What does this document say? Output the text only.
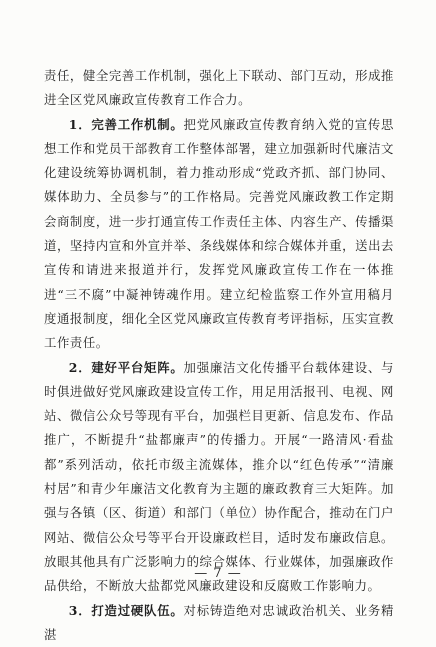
责任，健全完善工作机制，强化上下联动、部门互动，形成推进全区党风廉政宣传教育工作合力。

1．完善工作机制。把党风廉政宣传教育纳入党的宣传思想工作和党员干部教育工作整体部署，建立加强新时代廉洁文化建设统筹协调机制，着力推动形成“党政齐抓、部门协同、媒体助力、全员参与”的工作格局。完善党风廉政教工作定期会商制度，进一步打通宣传工作责任主体、内容生产、传播渠道，坚持内宣和外宣并举、条线媒体和综合媒体并重，送出去宣传和请进来报道并行，发挥党风廉政宣传工作在一体推进“三不腐”中凝神铸魂作用。建立纪检监察工作外宣用稿月度通报制度，细化全区党风廉政宣传教育考评指标，压实宣教工作责任。

2．建好平台矩阵。加强廉洁文化传播平台载体建设、与时俱进做好党风廉政建设宣传工作，用足用活报刊、电视、网站、微信公众号等现有平台，加强栏目更新、信息发布、作品推广，不断提升“盐都廉声”的传播力。开展“一路清风·看盐都”系列活动，依托市级主流媒体，推介以“红色传承”“清廉村居”和青少年廉洁文化教育为主题的廉政教育三大矩阵。加强与各镇（区、街道）和部门（单位）协作配合，推动在门户网站、微信公众号等平台开设廉政栏目，适时发布廉政信息。放眼其他具有广泛影响力的综合媒体、行业媒体，加强廉政作品供给，不断放大盐都党风廉政建设和反腐败工作影响力。

3．打造过硬队伍。对标铸造绝对忠诚政治机关、业务精湛

— 7 —
